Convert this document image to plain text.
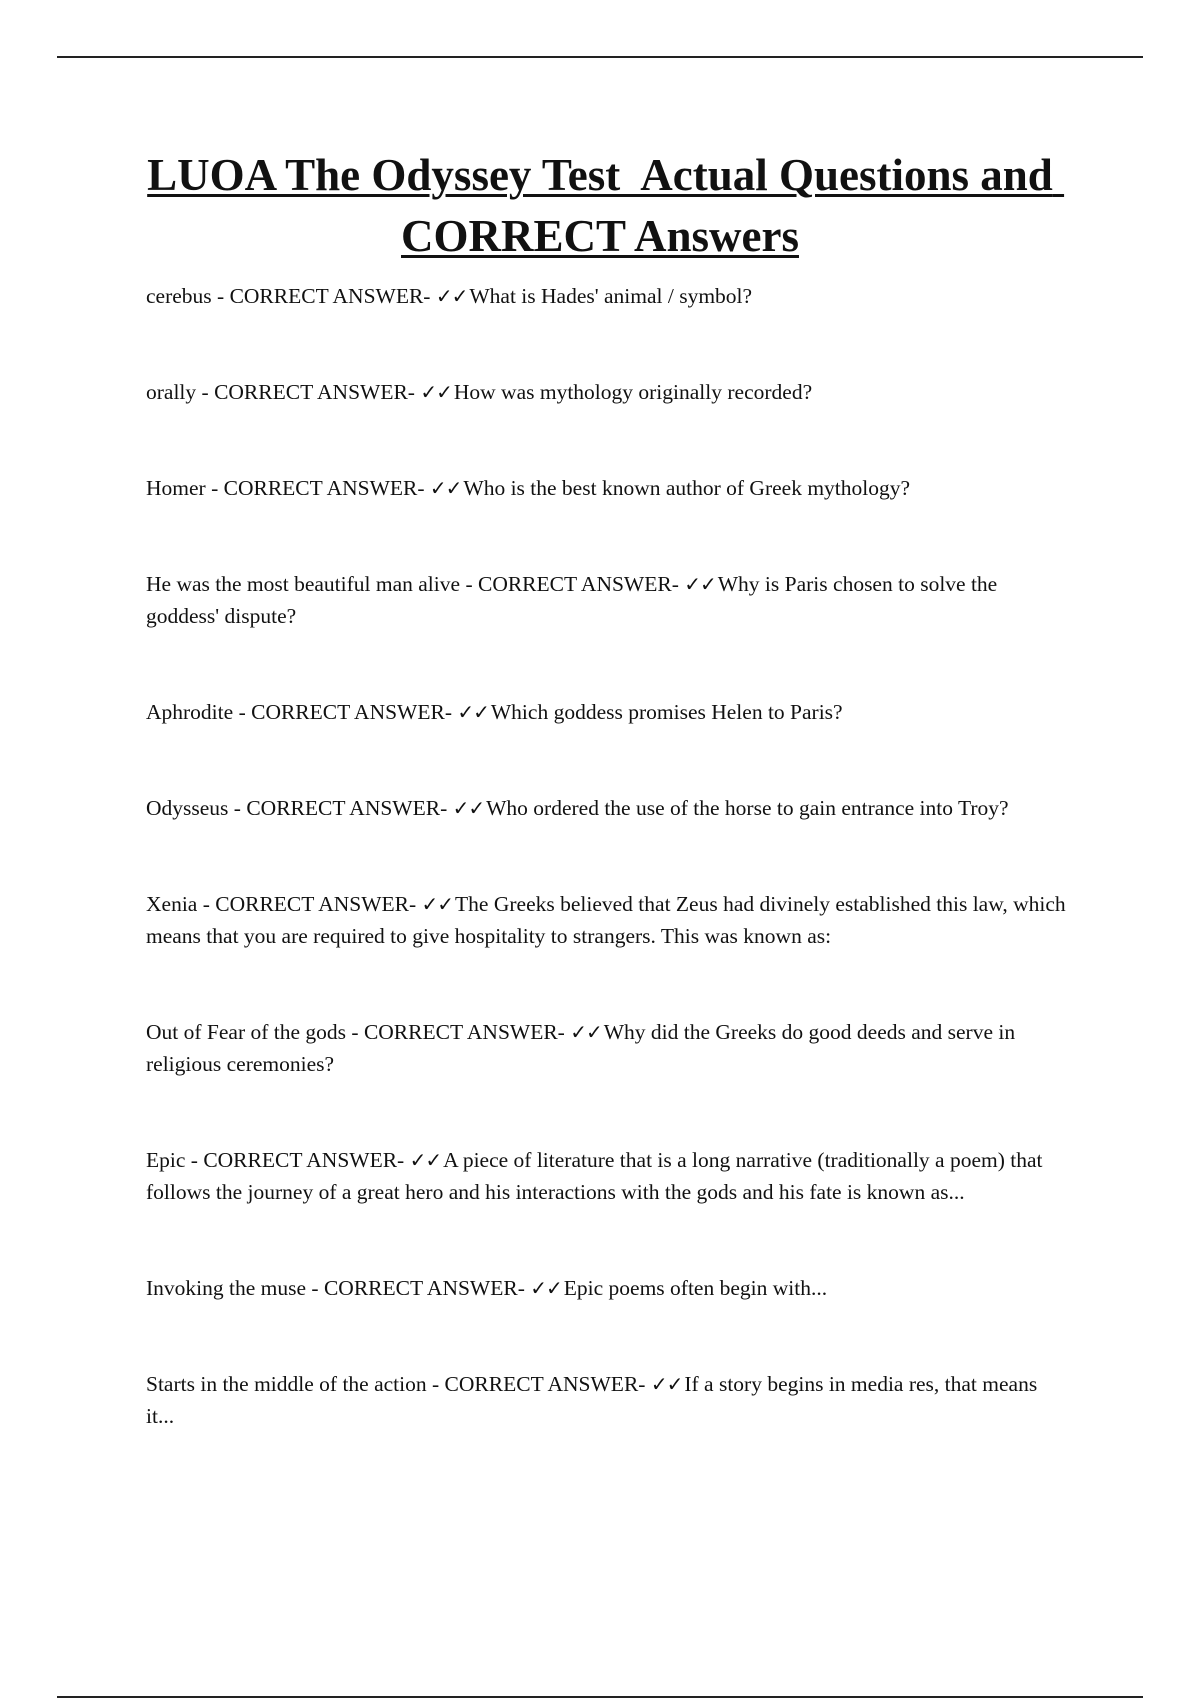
LUOA The Odyssey Test  Actual Questions and CORRECT Answers
cerebus - CORRECT ANSWER- ✓✓What is Hades' animal / symbol?
orally - CORRECT ANSWER- ✓✓How was mythology originally recorded?
Homer - CORRECT ANSWER- ✓✓Who is the best known author of Greek mythology?
He was the most beautiful man alive - CORRECT ANSWER- ✓✓Why is Paris chosen to solve the goddess' dispute?
Aphrodite - CORRECT ANSWER- ✓✓Which goddess promises Helen to Paris?
Odysseus - CORRECT ANSWER- ✓✓Who ordered the use of the horse to gain entrance into Troy?
Xenia - CORRECT ANSWER- ✓✓The Greeks believed that Zeus had divinely established this law, which means that you are required to give hospitality to strangers. This was known as:
Out of Fear of the gods - CORRECT ANSWER- ✓✓Why did the Greeks do good deeds and serve in religious ceremonies?
Epic - CORRECT ANSWER- ✓✓A piece of literature that is a long narrative (traditionally a poem) that follows the journey of a great hero and his interactions with the gods and his fate is known as...
Invoking the muse - CORRECT ANSWER- ✓✓Epic poems often begin with...
Starts in the middle of the action - CORRECT ANSWER- ✓✓If a story begins in media res, that means it...
